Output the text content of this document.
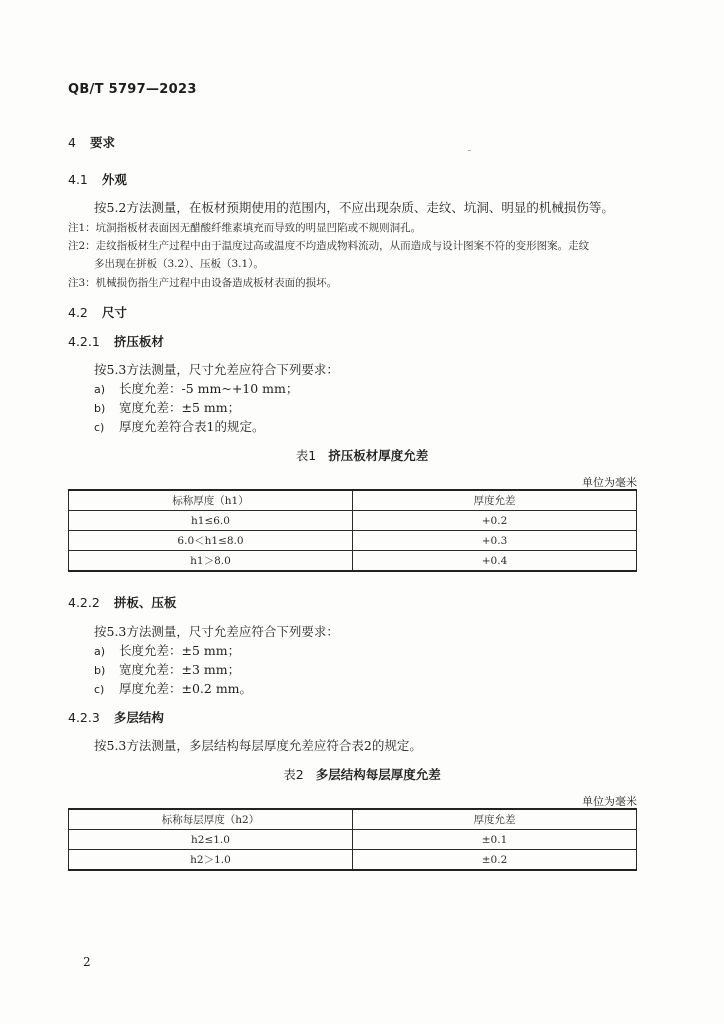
QB/T 5797—2023
4 要求
4.1 外观
按5.2方法测量，在板材预期使用的范围内，不应出现杂质、走纹、坑洞、明显的机械损伤等。
注1：坑洞指板材表面因无醋酸纤维素填充而导致的明显凹陷或不规则洞孔。
注2：走纹指板材生产过程中由于温度过高或温度不均造成物料流动，从而造成与设计图案不符的变形图案。走纹
多出现在拼板（3.2）、压板（3.1）。
注3：机械损伤指生产过程中由设备造成板材表面的损坏。
4.2 尺寸
4.2.1 挤压板材
按5.3方法测量，尺寸允差应符合下列要求：
a) 长度允差：-5 mm~+10 mm；
b) 宽度允差：±5 mm；
c) 厚度允差符合表1的规定。
表1 挤压板材厚度允差
单位为毫米
标称厚度（h1）	厚度允差
h1≤6.0	+0.2
6.0＜h1≤8.0	+0.3
h1＞8.0	+0.4
4.2.2 拼板、压板
按5.3方法测量，尺寸允差应符合下列要求：
a) 长度允差：±5 mm；
b) 宽度允差：±3 mm；
c) 厚度允差：±0.2 mm。
4.2.3 多层结构
按5.3方法测量，多层结构每层厚度允差应符合表2的规定。
表2 多层结构每层厚度允差
单位为毫米
标称每层厚度（h2）	厚度允差
h2≤1.0	±0.1
h2＞1.0	±0.2
2
